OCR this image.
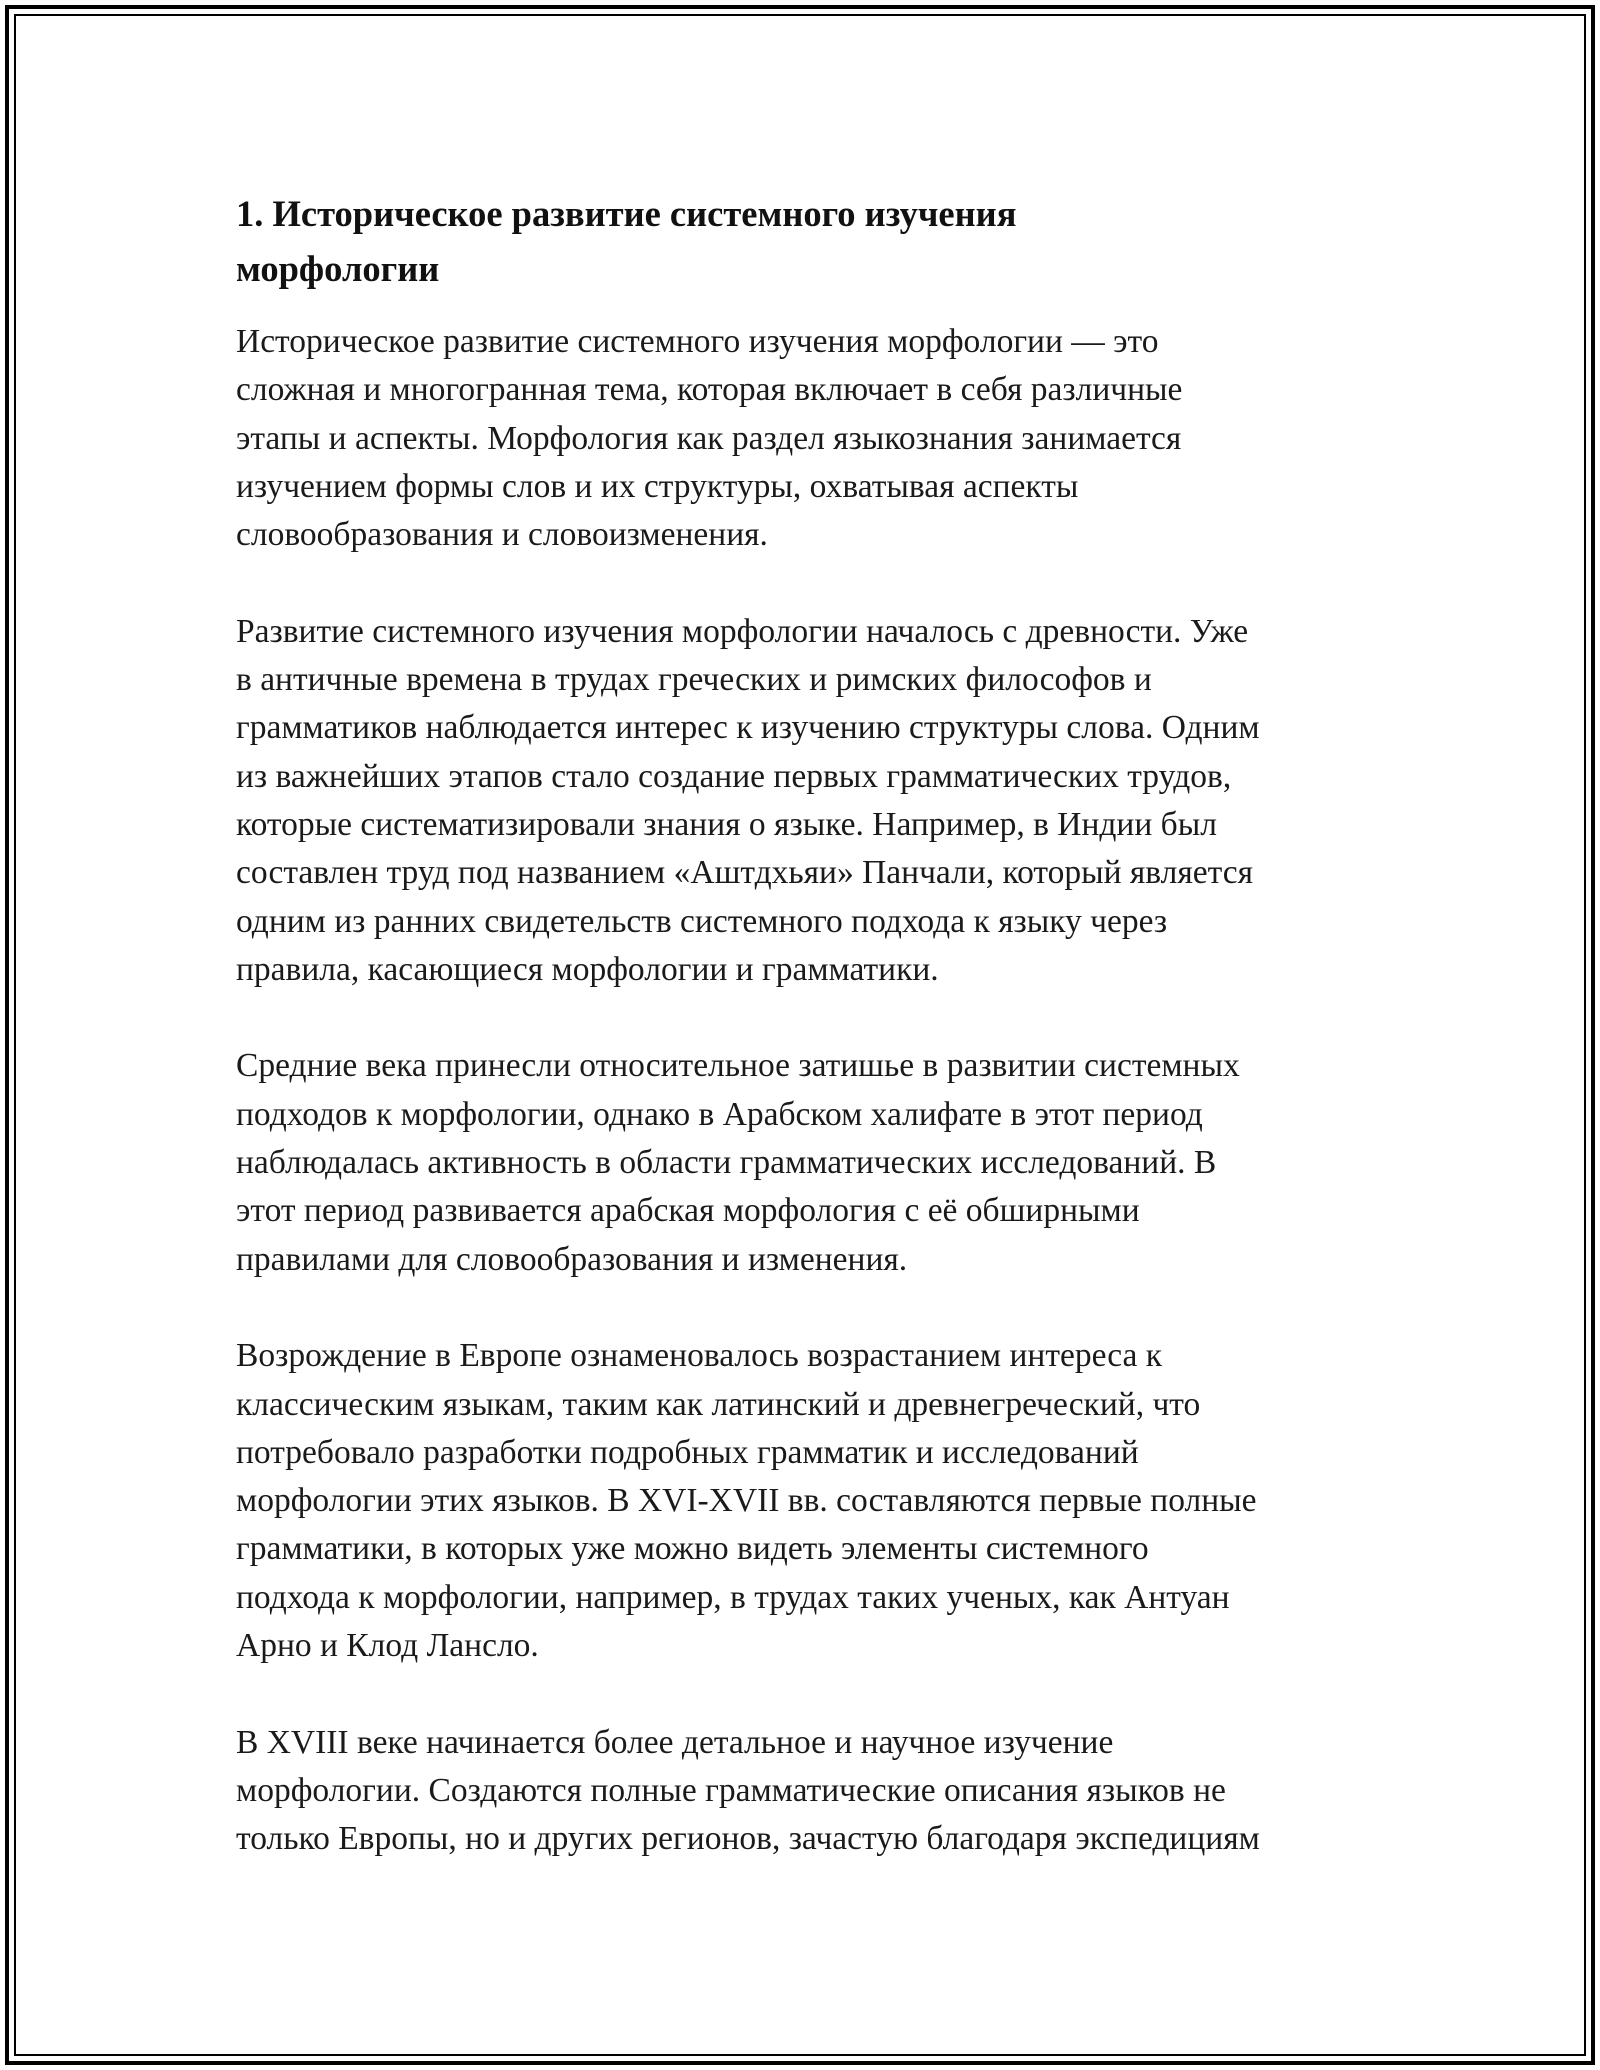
1. Историческое развитие системного изучения
морфологии
Историческое развитие системного изучения морфологии — это
сложная и многогранная тема, которая включает в себя различные
этапы и аспекты. Морфология как раздел языкознания занимается
изучением формы слов и их структуры, охватывая аспекты
словообразования и словоизменения.
Развитие системного изучения морфологии началось с древности. Уже
в античные времена в трудах греческих и римских философов и
грамматиков наблюдается интерес к изучению структуры слова. Одним
из важнейших этапов стало создание первых грамматических трудов,
которые систематизировали знания о языке. Например, в Индии был
составлен труд под названием «Аштдхьяи» Панчали, который является
одним из ранних свидетельств системного подхода к языку через
правила, касающиеся морфологии и грамматики.
Средние века принесли относительное затишье в развитии системных
подходов к морфологии, однако в Арабском халифате в этот период
наблюдалась активность в области грамматических исследований. В
этот период развивается арабская морфология с её обширными
правилами для словообразования и изменения.
Возрождение в Европе ознаменовалось возрастанием интереса к
классическим языкам, таким как латинский и древнегреческий, что
потребовало разработки подробных грамматик и исследований
морфологии этих языков. В XVI-XVII вв. составляются первые полные
грамматики, в которых уже можно видеть элементы системного
подхода к морфологии, например, в трудах таких ученых, как Антуан
Арно и Клод Лансло.
В XVIII веке начинается более детальное и научное изучение
морфологии. Создаются полные грамматические описания языков не
только Европы, но и других регионов, зачастую благодаря экспедициям
